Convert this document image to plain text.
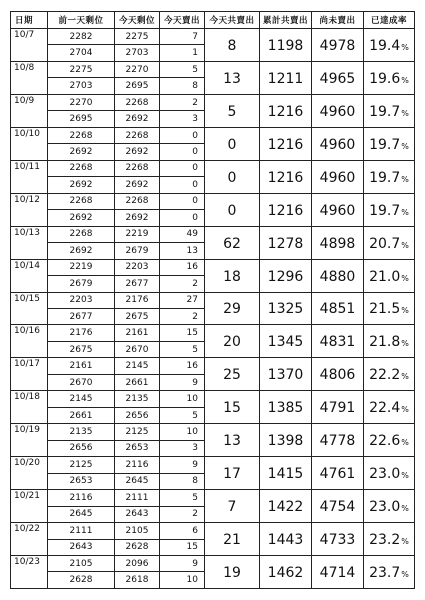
日期	前一天剩位	今天剩位	今天賣出	今天共賣出	累計共賣出	尚未賣出	已達成率
10/7	2282	2275	7	8	1198	4978	19.4%
	2704	2703	1				
10/8	2275	2270	5	13	1211	4965	19.6%
	2703	2695	8				
10/9	2270	2268	2	5	1216	4960	19.7%
	2695	2692	3				
10/10	2268	2268	0	0	1216	4960	19.7%
	2692	2692	0				
10/11	2268	2268	0	0	1216	4960	19.7%
	2692	2692	0				
10/12	2268	2268	0	0	1216	4960	19.7%
	2692	2692	0				
10/13	2268	2219	49	62	1278	4898	20.7%
	2692	2679	13				
10/14	2219	2203	16	18	1296	4880	21.0%
	2679	2677	2				
10/15	2203	2176	27	29	1325	4851	21.5%
	2677	2675	2				
10/16	2176	2161	15	20	1345	4831	21.8%
	2675	2670	5				
10/17	2161	2145	16	25	1370	4806	22.2%
	2670	2661	9				
10/18	2145	2135	10	15	1385	4791	22.4%
	2661	2656	5				
10/19	2135	2125	10	13	1398	4778	22.6%
	2656	2653	3				
10/20	2125	2116	9	17	1415	4761	23.0%
	2653	2645	8				
10/21	2116	2111	5	7	1422	4754	23.0%
	2645	2643	2				
10/22	2111	2105	6	21	1443	4733	23.2%
	2643	2628	15				
10/23	2105	2096	9	19	1462	4714	23.7%
	2628	2618	10				
